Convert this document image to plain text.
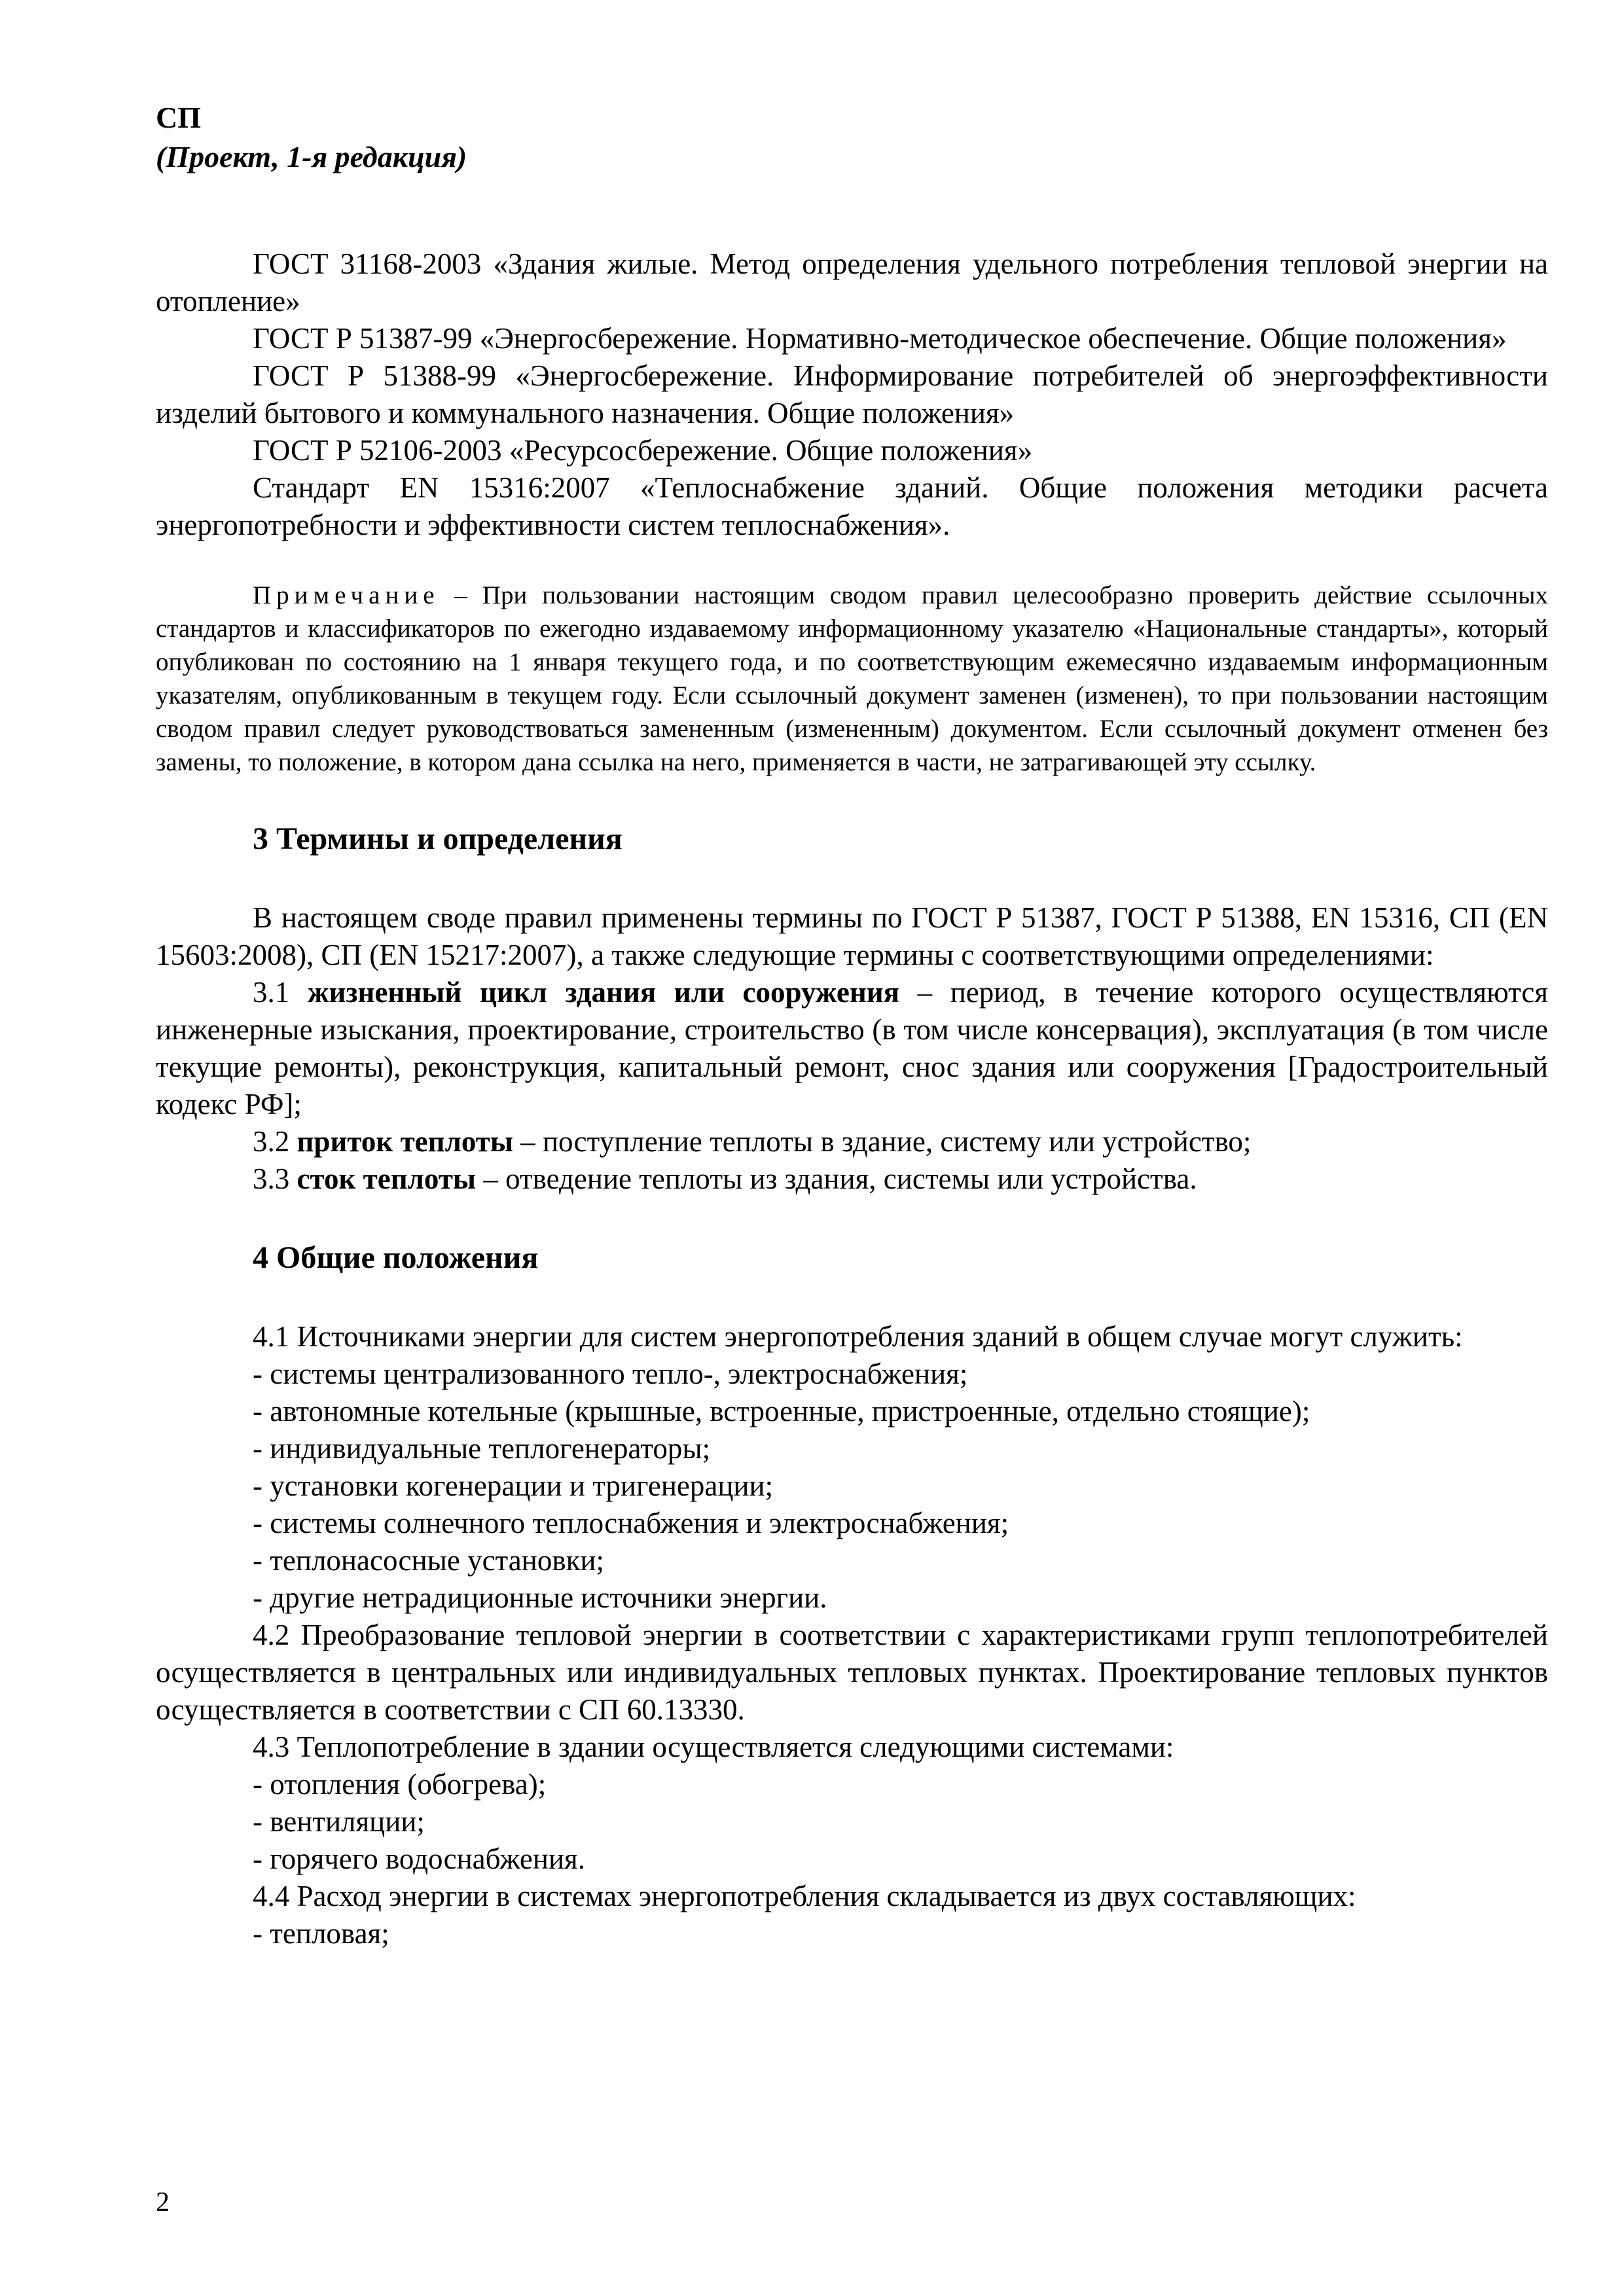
СП
(Проект, 1-я редакция)

ГОСТ 31168-2003 «Здания жилые. Метод определения удельного потребления тепловой энергии на отопление»

ГОСТ Р 51387-99 «Энергосбережение. Нормативно-методическое обеспечение. Общие положения»

ГОСТ Р 51388-99 «Энергосбережение. Информирование потребителей об энергоэффективности изделий бытового и коммунального назначения. Общие положения»

ГОСТ Р 52106-2003 «Ресурсосбережение. Общие положения»

Стандарт EN 15316:2007 «Теплоснабжение зданий. Общие положения методики расчета энергопотребности и эффективности систем теплоснабжения».

Примечание – При пользовании настоящим сводом правил целесообразно проверить действие ссылочных стандартов и классификаторов по ежегодно издаваемому информационному указателю «Национальные стандарты», который опубликован по состоянию на 1 января текущего года, и по соответствующим ежемесячно издаваемым информационным указателям, опубликованным в текущем году. Если ссылочный документ заменен (изменен), то при пользовании настоящим сводом правил следует руководствоваться замененным (измененным) документом. Если ссылочный документ отменен без замены, то положение, в котором дана ссылка на него, применяется в части, не затрагивающей эту ссылку.

3 Термины и определения

В настоящем своде правил применены термины по ГОСТ Р 51387, ГОСТ Р 51388, EN 15316, СП (EN 15603:2008), СП (EN 15217:2007), а также следующие термины с соответствующими определениями:

3.1 жизненный цикл здания или сооружения – период, в течение которого осуществляются инженерные изыскания, проектирование, строительство (в том числе консервация), эксплуатация (в том числе текущие ремонты), реконструкция, капитальный ремонт, снос здания или сооружения [Градостроительный кодекс РФ];

3.2 приток теплоты – поступление теплоты в здание, систему или устройство;

3.3 сток теплоты – отведение теплоты из здания, системы или устройства.

4 Общие положения

4.1 Источниками энергии для систем энергопотребления зданий в общем случае могут служить:

- системы централизованного тепло-, электроснабжения;

- автономные котельные (крышные, встроенные, пристроенные, отдельно стоящие);

- индивидуальные теплогенераторы;

- установки когенерации и тригенерации;

- системы солнечного теплоснабжения и электроснабжения;

- теплонасосные установки;

- другие нетрадиционные источники энергии.

4.2 Преобразование тепловой энергии в соответствии с характеристиками групп теплопотребителей осуществляется в центральных или индивидуальных тепловых пунктах. Проектирование тепловых пунктов осуществляется в соответствии с СП 60.13330.

4.3 Теплопотребление в здании осуществляется следующими системами:

- отопления (обогрева);

- вентиляции;

- горячего водоснабжения.

4.4 Расход энергии в системах энергопотребления складывается из двух составляющих:

- тепловая;

2
